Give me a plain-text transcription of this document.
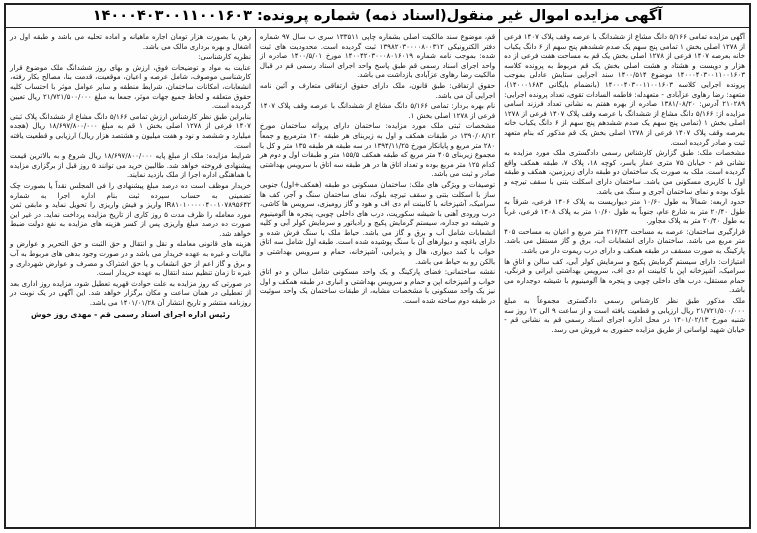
آگهی مزایده اموال غیر منقول(اسناد ذمه) شماره پرونده: ۱۴۰۰۰۴۰۳۰۰۱۱۰۰۱۶۰۳

آگهی مزایده تمامی ۵/۱۶۶ دانگ مشاع از ششدانگ با عرصه وقف پلاک ۱۴۰۷ فرعی از ۱۲۷۸ اصلی بخش ۱ تمامی پنج سهم یک صدم ششدهم پنج سهم از ۶ دانگ یکباب خانه بعرصه ۱۴۰۷ فرعی از ۱۲۷۸ اصلی بخش یک قم به مساحت هفت فرعی از ده هزار و دویست و هشتاد و هشت اصلی بخش یک قم مربوط به پرونده کلاسه ۱۴۰۰۰۴۰۳۰۰۱۱۰۰۱۶۰۳ موضوع ۱۴۰۰/۵۱۴ سند اجرایی ستایش عادلی بموجب پرونده اجرایی کلاسه ۱۴۰۰۰۴۰۳۰۰۱۱۰۰۱۶۰۳ (بانضمام بایگانی ۱۴۰۰۰۱۶۸۳)، متعهد: رضا رهاوی عزآبادی - متعهدله: فاطمه السادات تقوی، تعداد پرونده اجرایی: ۲۱۰۲۸۹ آدرس: ۱۳۸۱/۰۸/۲۰ صادره از بهره هفتم به نشانی تعداد فرزند اسامی مزایده از: ۵/۱۶۶ دانگ مشاع از ششدانگ با عرصه وقف پلاک ۱۴۰۷ فرعی از ۱۲۷۸ اصلی بخش ۱ (تمامی پنج سهم یک صدم ششدهم پنج سهم از ۶ دانگ یکباب خانه بعرصه وقف پلاک ۱۴۰۷ فرعی از ۱۲۷۸ اصلی بخش یک قم مذکور که بنام متعهد ثبت و صادر گردیده است.

مشخصات ملک: طبق گزارش کارشناس رسمی دادگستری ملک مورد مزایده به نشانی قم - خیابان ۷۵ متری عمار یاسر، کوچه ۱۸، پلاک ۷، طبقه همکف واقع گردیده است. ملک به صورت یک ساختمان دو طبقه دارای زیرزمین، همکف و طبقه اول با کاربری مسکونی می باشد. ساختمان دارای اسکلت بتنی با سقف تیرچه و بلوک بوده و نمای ساختمان آجری و سنگ می باشد.

حدود اربعه: شمالاً به طول ۱۰/۶۰ متر دیواریست به پلاک ۱۴۰۶ فرعی، شرقاً به طول ۲۰/۴۰ متر به شارع عام، جنوباً به طول ۱۰/۶۰ متر به پلاک ۱۴۰۸ فرعی، غرباً به طول ۲۰/۴۰ متر به پلاک مجاور.

قرارگیری ساختمان: عرصه به مساحت ۲۱۶/۲۴ متر مربع و اعیان به مساحت ۴۰۵ متر مربع می باشد. ساختمان دارای انشعابات آب، برق و گاز مستقل می باشد. پارکینگ به صورت مسقف در طبقه همکف و دارای درب ریموت دار می باشد.

امتیازات: دارای سیستم گرمایش پکیج و سرمایش کولر آبی، کف سالن و اتاق ها سرامیک، آشپزخانه اپن با کابینت ام دی اف، سرویس بهداشتی ایرانی و فرنگی، حمام مستقل، درب های داخلی چوبی و پنجره ها آلومینیوم با شیشه دوجداره می باشد.

ملک مذکور طبق نظر کارشناس رسمی دادگستری مجموعاً به مبلغ ۲۱/۷۲۱/۵۰۰/۰۰۰ ریال ارزیابی و قطعیت یافته است و از ساعت ۹ الی ۱۲ روز سه شنبه مورخ ۱۴۰۱/۰۲/۱۳ در محل اداره اجرای اسناد رسمی قم به نشانی قم - خیابان شهید لواسانی از طریق مزایده حضوری به فروش می رسد.

قم، موضوع سند مالکیت اصلی بشماره چاپی ۱۳۳۵۱۱ سری ب سال ۹۷ شماره دفتر الکترونیکی ۱۳۹۸۲۰۳۰۰۰۰۸۰۰۳۱۲ ثبت گردیده است. محدودیت های ثبت شده: بموجب نامه شماره ۱۴۰۰۴۲۰۳۰۰۰۸۰۱۶۰۱۹ مورخ ۱۴۰۰/۵/۰۱ صادره از واحد اجرای اسناد رسمی قم طبق پاسخ واحد اجرای اسناد رسمی قم در قبال مالکیت رضا رهاوی عزآبادی بازداشت می باشد.

حقوق ارتفاقی: طبق قانون، ملک دارای حقوق ارتفاقی متعارف و آئین نامه اجرایی آن می باشد.

نام بهره بردار: تمامی ۵/۱۶۶ دانگ مشاع از ششدانگ با عرصه وقف پلاک ۱۴۰۷ فرعی از ۱۲۷۸ اصلی بخش ۱.

مشخصات ثبتی ملک مورد مزایده: ساختمان دارای پروانه ساختمان مورخ ۱۳۹۰/۰۸/۱۲ در طبقات همکف و اول به زیربنای هر طبقه ۱۴۰ مترمربع و جمعاً ۲۸۰ متر مربع و پایانکار مورخ ۱۳۹۴/۱۱/۲۵ در سه طبقه هر طبقه ۱۳۵ متر و کل با مجموع زیربنای ۴۰۵ متر مربع که طبقه همکف ۱۵۵/۵ متر و طبقات اول و دوم هر کدام ۱۲۵ متر مربع بوده و تعداد اتاق ها در هر طبقه سه اتاق با سرویس بهداشتی صادر و ثبت می باشد.

توصیفات و ویژگی های ملک: ساختمان مسکونی دو طبقه (همکف+اول) جنوبی ساز با اسکلت بتنی و سقف تیرچه بلوک، نمای ساختمان سنگ و آجر، کف ها سرامیک، آشپزخانه با کابینت ام دی اف و هود و گاز رومیزی، سرویس ها کاشی، درب ورودی آهنی با شیشه سکوریت، درب های داخلی چوبی، پنجره ها آلومینیوم و شیشه دو جداره، سیستم گرمایش پکیج و رادیاتور و سرمایش کولر آبی و کلیه انشعابات شامل آب و برق و گاز می باشد. حیاط ملک با سنگ فرش شده و دارای باغچه و دیوارهای آن با سنگ پوشیده شده است. طبقه اول شامل سه اتاق خواب با کمد دیواری، هال و پذیرایی، آشپزخانه، حمام و سرویس بهداشتی و بالکن رو به حیاط می باشد.

نقشه ساختمانی: فضای پارکینگ و یک واحد مسکونی شامل سالن و دو اتاق خواب و آشپزخانه اپن و حمام و سرویس بهداشتی و انباری در طبقه همکف و اول نیز یک واحد مسکونی با مشخصات مشابه، از طبقات ساختمان یک واحد سوئیت در طبقه دوم ساخته شده است.

رهن یا بصورت هزار تومان اجاره ماهیانه و اماده تحلیه می باشد و طبقه اول در اشغال و بهره برداری مالک می باشد.

نظریه کارشناسی:

عنایت به مواد و توضیحات فوق، ارزش و بهای روز ششدانگ ملک موضوع قرار کارشناسی موصوف، شامل عرصه و اعیان، موقعیت، قدمت بنا، مصالح بکار رفته، انشعابات، امکانات ساختمان، شرایط منطقه و سایر عوامل موثر با احتساب کلیه حقوق متعلقه و لحاظ جمیع جهات موثر، جمعا به مبلغ ۲۱/۷۲۱/۵۰۰/۰۰۰ ریال تعیین گردیده است.

بنابراین طبق نظر کارشناس ارزش تمامی ۵/۱۶۶ دانگ مشاع از ششدانگ پلاک ثبتی ۱۴۰۷ فرعی از ۱۲۷۸ اصلی بخش ۱ قم به مبلغ ۱۸/۶۹۷/۸۰۰/۰۰۰ ریال (هجده میلیارد و ششصد و نود و هفت میلیون و هشتصد هزار ریال) ارزیابی و قطعیت یافته است.

شرایط مزایده: ملک از مبلغ پایه ۱۸/۶۹۷/۸۰۰/۰۰۰ ریال شروع و به بالاترین قیمت پیشنهادی فروخته خواهد شد. طالبین خرید می توانند ۵ روز قبل از برگزاری مزایده با هماهنگی اداره اجرا از ملک بازدید نمایند.

خریدار موظف است ده درصد مبلغ پیشنهادی را فی المجلس نقداً یا بصورت چک تضمینی به حساب سپرده ثبت بنام اداره اجرا به شماره IR۸۱۰۱۰۰۰۰۰۴۰۰۱۰۷۸۹۵۶۴۲ واریز و فیش واریزی را تحویل نماید و مابقی ثمن مورد معامله را ظرف مدت ۵ روز کاری از تاریخ مزایده پرداخت نماید. در غیر این صورت ده درصد مبلغ واریزی پس از کسر هزینه های مزایده به نفع دولت ضبط خواهد شد.

هزینه های قانونی معامله و نقل و انتقال و حق الثبت و حق التحریر و عوارض و مالیات و غیره به عهده خریدار می باشد و در صورت وجود بدهی های مربوط به آب و برق و گاز اعم از حق انشعاب و یا حق اشتراک و مصرف و عوارض شهرداری و غیره تا زمان تنظیم سند انتقال به عهده خریدار است.

در صورتی که روز مزایده به علت حوادث قهریه تعطیل شود، مزایده روز اداری بعد از تعطیلی در همان ساعت و مکان برگزار خواهد شد. این آگهی در یک نوبت در روزنامه منتشر و تاریخ انتشار آن ۱۴۰۱/۰۱/۲۸ می باشد.

رئیس اداره اجرای اسناد رسمی قم - مهدی روز خوش
